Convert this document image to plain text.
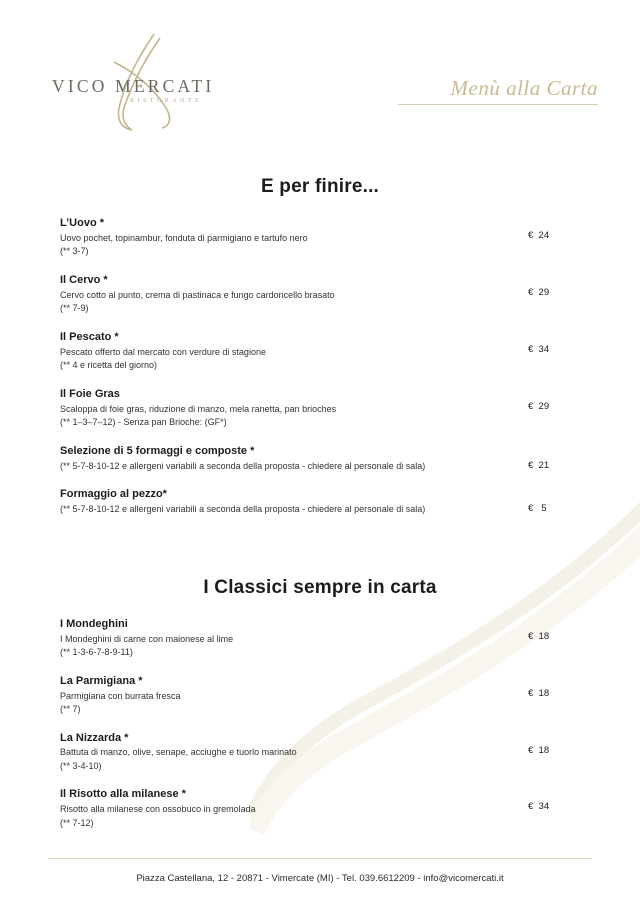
VICO MERCATI
RISTORANTE
Menù alla Carta
E per finire...
L’Uovo *
Uovo pochet, topinambur, fonduta di parmigiano e tartufo nero
(** 3-7)
€  24
Il Cervo *
Cervo cotto al punto, crema di pastinaca e fungo cardoncello brasato
(** 7-9)
€  29
Il Pescato *
Pescato offerto dal mercato con verdure di stagione
(** 4 e ricetta del giorno)
€  34
Il Foie Gras
Scaloppa di foie gras, riduzione di manzo, mela ranetta, pan brioches
(** 1–3–7–12) - Senza pan Brioche: (GF*)
€  29
Selezione di 5 formaggi e composte *
(** 5-7-8-10-12 e allergeni variabili a seconda della proposta - chiedere al personale di sala)	€  21
Formaggio al pezzo*
(** 5-7-8-10-12 e allergeni variabili a seconda della proposta - chiedere al personale di sala)	€   5
I Classici sempre in carta
I Mondeghini
I Mondeghini di carne con maionese al lime
(** 1-3-6-7-8-9-11)
€  18
La Parmigiana *
Parmigiana con burrata fresca
(** 7)
€  18
La Nizzarda *
Battuta di manzo, olive, senape, acciughe e tuorlo marinato
(** 3-4-10)
€  18
Il Risotto alla milanese *
Risotto alla milanese con ossobuco in gremolada
(** 7-12)
€  34
Piazza Castellana, 12 - 20871 - Vimercate (MI) - Tel. 039.6612209 - info@vicomercati.it
